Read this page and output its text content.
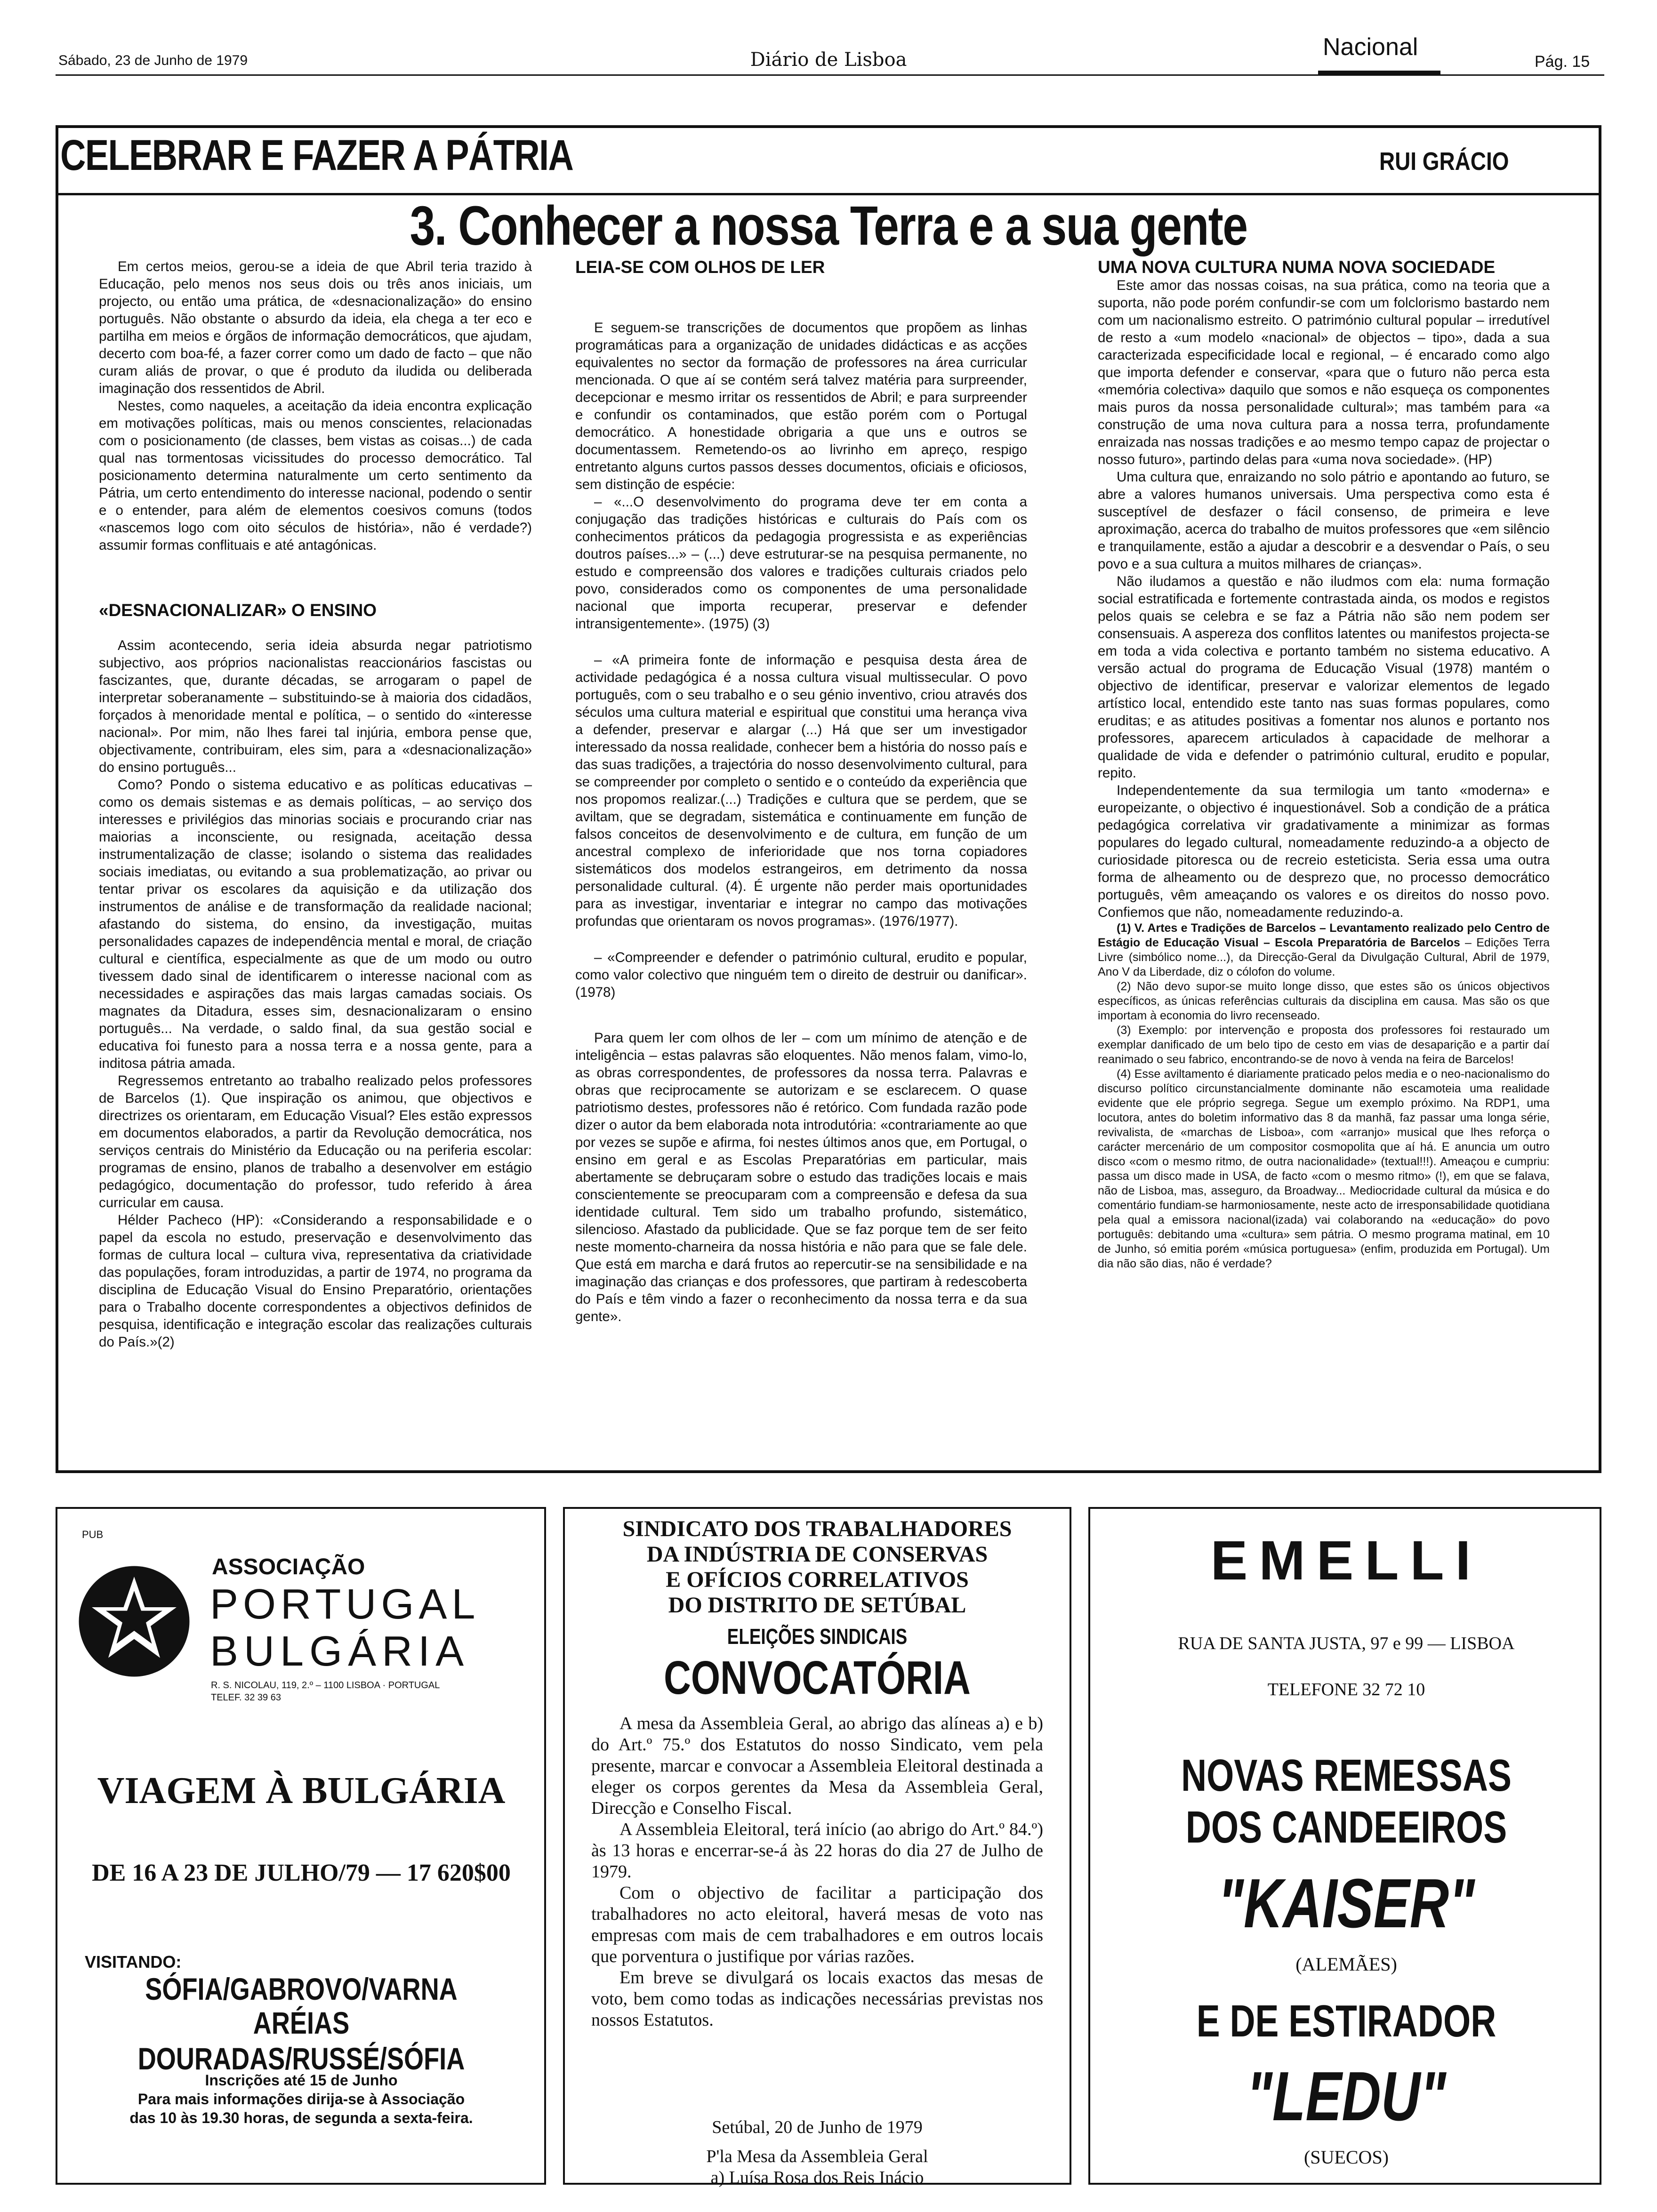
Sábado, 23 de Junho de 1979	Diário de Lisboa	Nacional
Pág. 15
CELEBRAR E FAZER A PÁTRIA	RUI GRÁCIO
3. Conhecer a nossa Terra e a sua gente

Em certos meios, gerou-se a ideia de que Abril teria trazido à Educação, pelo menos nos seus dois ou três anos iniciais, um projecto, ou então uma prática, de «desnacionalização» do ensino português. Não obstante o absurdo da ideia, ela chega a ter eco e partilha em meios e órgãos de informação democráticos, que ajudam, decerto com boa-fé, a fazer correr como um dado de facto – que não curam aliás de provar, o que é produto da iludida ou deliberada imaginação dos ressentidos de Abril.

Nestes, como naqueles, a aceitação da ideia encontra explicação em motivações políticas, mais ou menos conscientes, relacionadas com o posicionamento (de classes, bem vistas as coisas...) de cada qual nas tormentosas vicissitudes do processo democrático. Tal posicionamento determina naturalmente um certo sentimento da Pátria, um certo entendimento do interesse nacional, podendo o sentir e o entender, para além de elementos coesivos comuns (todos «nascemos logo com oito séculos de história», não é verdade?) assumir formas conflituais e até antagónicas.

«DESNACIONALIZAR» O ENSINO

Assim acontecendo, seria ideia absurda negar patriotismo subjectivo, aos próprios nacionalistas reaccionários fascistas ou fascizantes, que, durante décadas, se arrogaram o papel de interpretar soberanamente – substituindo-se à maioria dos cidadãos, forçados à menoridade mental e política, – o sentido do «interesse nacional». Por mim, não lhes farei tal injúria, embora pense que, objectivamente, contribuiram, eles sim, para a «desnacionalização» do ensino português...

Como? Pondo o sistema educativo e as políticas educativas – como os demais sistemas e as demais políticas, – ao serviço dos interesses e privilégios das minorias sociais e procurando criar nas maiorias a inconsciente, ou resignada, aceitação dessa instrumentalização de classe; isolando o sistema das realidades sociais imediatas, ou evitando a sua problematização, ao privar ou tentar privar os escolares da aquisição e da utilização dos instrumentos de análise e de transformação da realidade nacional; afastando do sistema, do ensino, da investigação, muitas personalidades capazes de independência mental e moral, de criação cultural e científica, especialmente as que de um modo ou outro tivessem dado sinal de identificarem o interesse nacional com as necessidades e aspirações das mais largas camadas sociais. Os magnates da Ditadura, esses sim, desnacionalizaram o ensino português... Na verdade, o saldo final, da sua gestão social e educativa foi funesto para a nossa terra e a nossa gente, para a inditosa pátria amada.

Regressemos entretanto ao trabalho realizado pelos professores de Barcelos (1). Que inspiração os animou, que objectivos e directrizes os orientaram, em Educação Visual? Eles estão expressos em documentos elaborados, a partir da Revolução democrática, nos serviços centrais do Ministério da Educação ou na periferia escolar: programas de ensino, planos de trabalho a desenvolver em estágio pedagógico, documentação do professor, tudo referido à área curricular em causa.

Hélder Pacheco (HP): «Considerando a responsabilidade e o papel da escola no estudo, preservação e desenvolvimento das formas de cultura local – cultura viva, representativa da criatividade das populações, foram introduzidas, a partir de 1974, no programa da disciplina de Educação Visual do Ensino Preparatório, orientações para o Trabalho docente correspondentes a objectivos definidos de pesquisa, identificação e integração escolar das realizações culturais do País.»(2)

LEIA-SE COM OLHOS DE LER

E seguem-se transcrições de documentos que propõem as linhas programáticas para a organização de unidades didácticas e as acções equivalentes no sector da formação de professores na área curricular mencionada. O que aí se contém será talvez matéria para surpreender, decepcionar e mesmo irritar os ressentidos de Abril; e para surpreender e confundir os contaminados, que estão porém com o Portugal democrático. A honestidade obrigaria a que uns e outros se documentassem. Remetendo-os ao livrinho em apreço, respigo entretanto alguns curtos passos desses documentos, oficiais e oficiosos, sem distinção de espécie:

– «...O desenvolvimento do programa deve ter em conta a conjugação das tradições históricas e culturais do País com os conhecimentos práticos da pedagogia progressista e as experiências doutros países...» – (...) deve estruturar-se na pesquisa permanente, no estudo e compreensão dos valores e tradições culturais criados pelo povo, considerados como os componentes de uma personalidade nacional que importa recuperar, preservar e defender intransigentemente». (1975) (3)

– «A primeira fonte de informação e pesquisa desta área de actividade pedagógica é a nossa cultura visual multissecular. O povo português, com o seu trabalho e o seu génio inventivo, criou através dos séculos uma cultura material e espiritual que constitui uma herança viva a defender, preservar e alargar (...) Há que ser um investigador interessado da nossa realidade, conhecer bem a história do nosso país e das suas tradições, a trajectória do nosso desenvolvimento cultural, para se compreender por completo o sentido e o conteúdo da experiência que nos propomos realizar.(...) Tradições e cultura que se perdem, que se aviltam, que se degradam, sistemática e continuamente em função de falsos conceitos de desenvolvimento e de cultura, em função de um ancestral complexo de inferioridade que nos torna copiadores sistemáticos dos modelos estrangeiros, em detrimento da nossa personalidade cultural. (4). É urgente não perder mais oportunidades para as investigar, inventariar e integrar no campo das motivações profundas que orientaram os novos programas». (1976/1977).

– «Compreender e defender o património cultural, erudito e popular, como valor colectivo que ninguém tem o direito de destruir ou danificar». (1978)

Para quem ler com olhos de ler – com um mínimo de atenção e de inteligência – estas palavras são eloquentes. Não menos falam, vimo-lo, as obras correspondentes, de professores da nossa terra. Palavras e obras que reciprocamente se autorizam e se esclarecem. O quase patriotismo destes, professores não é retórico. Com fundada razão pode dizer o autor da bem elaborada nota introdutória: «contrariamente ao que por vezes se supõe e afirma, foi nestes últimos anos que, em Portugal, o ensino em geral e as Escolas Preparatórias em particular, mais abertamente se debruçaram sobre o estudo das tradições locais e mais conscientemente se preocuparam com a compreensão e defesa da sua identidade cultural. Tem sido um trabalho profundo, sistemático, silencioso. Afastado da publicidade. Que se faz porque tem de ser feito neste momento-charneira da nossa história e não para que se fale dele. Que está em marcha e dará frutos ao repercutir-se na sensibilidade e na imaginação das crianças e dos professores, que partiram à redescoberta do País e têm vindo a fazer o reconhecimento da nossa terra e da sua gente».

UMA NOVA CULTURA NUMA NOVA SOCIEDADE

Este amor das nossas coisas, na sua prática, como na teoria que a suporta, não pode porém confundir-se com um folclorismo bastardo nem com um nacionalismo estreito. O património cultural popular – irredutível de resto a «um modelo «nacional» de objectos – tipo», dada a sua caracterizada especificidade local e regional, – é encarado como algo que importa defender e conservar, «para que o futuro não perca esta «memória colectiva» daquilo que somos e não esqueça os componentes mais puros da nossa personalidade cultural»; mas também para «a construção de uma nova cultura para a nossa terra, profundamente enraizada nas nossas tradições e ao mesmo tempo capaz de projectar o nosso futuro», partindo delas para «uma nova sociedade». (HP)

Uma cultura que, enraizando no solo pátrio e apontando ao futuro, se abre a valores humanos universais. Uma perspectiva como esta é susceptível de desfazer o fácil consenso, de primeira e leve aproximação, acerca do trabalho de muitos professores que «em silêncio e tranquilamente, estão a ajudar a descobrir e a desvendar o País, o seu povo e a sua cultura a muitos milhares de crianças».

Não iludamos a questão e não iludmos com ela: numa formação social estratificada e fortemente contrastada ainda, os modos e registos pelos quais se celebra e se faz a Pátria não são nem podem ser consensuais. A aspereza dos conflitos latentes ou manifestos projecta-se em toda a vida colectiva e portanto também no sistema educativo. A versão actual do programa de Educação Visual (1978) mantém o objectivo de identificar, preservar e valorizar elementos de legado artístico local, entendido este tanto nas suas formas populares, como eruditas; e as atitudes positivas a fomentar nos alunos e portanto nos professores, aparecem articulados à capacidade de melhorar a qualidade de vida e defender o património cultural, erudito e popular, repito.

Independentemente da sua termilogia um tanto «moderna» e europeizante, o objectivo é inquestionável. Sob a condição de a prática pedagógica correlativa vir gradativamente a minimizar as formas populares do legado cultural, nomeadamente reduzindo-a a objecto de curiosidade pitoresca ou de recreio esteticista. Seria essa uma outra forma de alheamento ou de desprezo que, no processo democrático português, vêm ameaçando os valores e os direitos do nosso povo. Confiemos que não, nomeadamente reduzindo-a.

(1) V. Artes e Tradições de Barcelos – Levantamento realizado pelo Centro de Estágio de Educação Visual – Escola Preparatória de Barcelos – Edições Terra Livre (simbólico nome...), da Direcção-Geral da Divulgação Cultural, Abril de 1979, Ano V da Liberdade, diz o cólofon do volume.

(2) Não devo supor-se muito longe disso, que estes são os únicos objectivos específicos, as únicas referências culturais da disciplina em causa. Mas são os que importam à economia do livro recenseado.

(3) Exemplo: por intervenção e proposta dos professores foi restaurado um exemplar danificado de um belo tipo de cesto em vias de desaparição e a partir daí reanimado o seu fabrico, encontrando-se de novo à venda na feira de Barcelos!

(4) Esse aviltamento é diariamente praticado pelos media e o neo-nacionalismo do discurso político circunstancialmente dominante não escamoteia uma realidade evidente que ele próprio segrega. Segue um exemplo próximo. Na RDP1, uma locutora, antes do boletim informativo das 8 da manhã, faz passar uma longa série, revivalista, de «marchas de Lisboa», com «arranjo» musical que lhes reforça o carácter mercenário de um compositor cosmopolita que aí há. E anuncia um outro disco «com o mesmo ritmo, de outra nacionalidade» (textual!!!). Ameaçou e cumpriu: passa um disco made in USA, de facto «com o mesmo ritmo» (!), em que se falava, não de Lisboa, mas, asseguro, da Broadway... Mediocridade cultural da música e do comentário fundiam-se harmoniosamente, neste acto de irresponsabilidade quotidiana pela qual a emissora nacional(izada) vai colaborando na «educação» do povo português: debitando uma «cultura» sem pátria. O mesmo programa matinal, em 10 de Junho, só emitia porém «música portuguesa» (enfim, produzida em Portugal). Um dia não são dias, não é verdade?

PUB
ASSOCIAÇÃO
PORTUGAL
BULGÁRIA
R. S. NICOLAU, 119, 2.º – 1100 LISBOA · PORTUGAL
TELEF. 32 39 63
VIAGEM À BULGÁRIA
DE 16 A 23 DE JULHO/79 — 17 620$00
VISITANDO:
SÓFIA/GABROVO/VARNA
ARÉIAS DOURADAS/RUSSÉ/SÓFIA
Inscrições até 15 de Junho
Para mais informações dirija-se à Associação
das 10 às 19.30 horas, de segunda a sexta-feira.
SINDICATO DOS TRABALHADORES
DA INDÚSTRIA DE CONSERVAS
E OFÍCIOS CORRELATIVOS
DO DISTRITO DE SETÚBAL
ELEIÇÕES SINDICAIS
CONVOCATÓRIA

A mesa da Assembleia Geral, ao abrigo das alíneas a) e b) do Art.º 75.º dos Estatutos do nosso Sindicato, vem pela presente, marcar e convocar a Assembleia Eleitoral destinada a eleger os corpos gerentes da Mesa da Assembleia Geral, Direcção e Conselho Fiscal.

A Assembleia Eleitoral, terá início (ao abrigo do Art.º 84.º) às 13 horas e encerrar-se-á às 22 horas do dia 27 de Julho de 1979.

Com o objectivo de facilitar a participação dos trabalhadores no acto eleitoral, haverá mesas de voto nas empresas com mais de cem trabalhadores e em outros locais que porventura o justifique por várias razões.

Em breve se divulgará os locais exactos das mesas de voto, bem como todas as indicações necessárias previstas nos nossos Estatutos.

Setúbal, 20 de Junho de 1979
P'la Mesa da Assembleia Geral
a) Luísa Rosa dos Reis Inácio
EMELLI
RUA DE SANTA JUSTA, 97 e 99 — LISBOA
TELEFONE 32 72 10
NOVAS REMESSAS
DOS CANDEEIROS
"KAISER"
(ALEMÃES)
E DE ESTIRADOR
"LEDU"
(SUECOS)
